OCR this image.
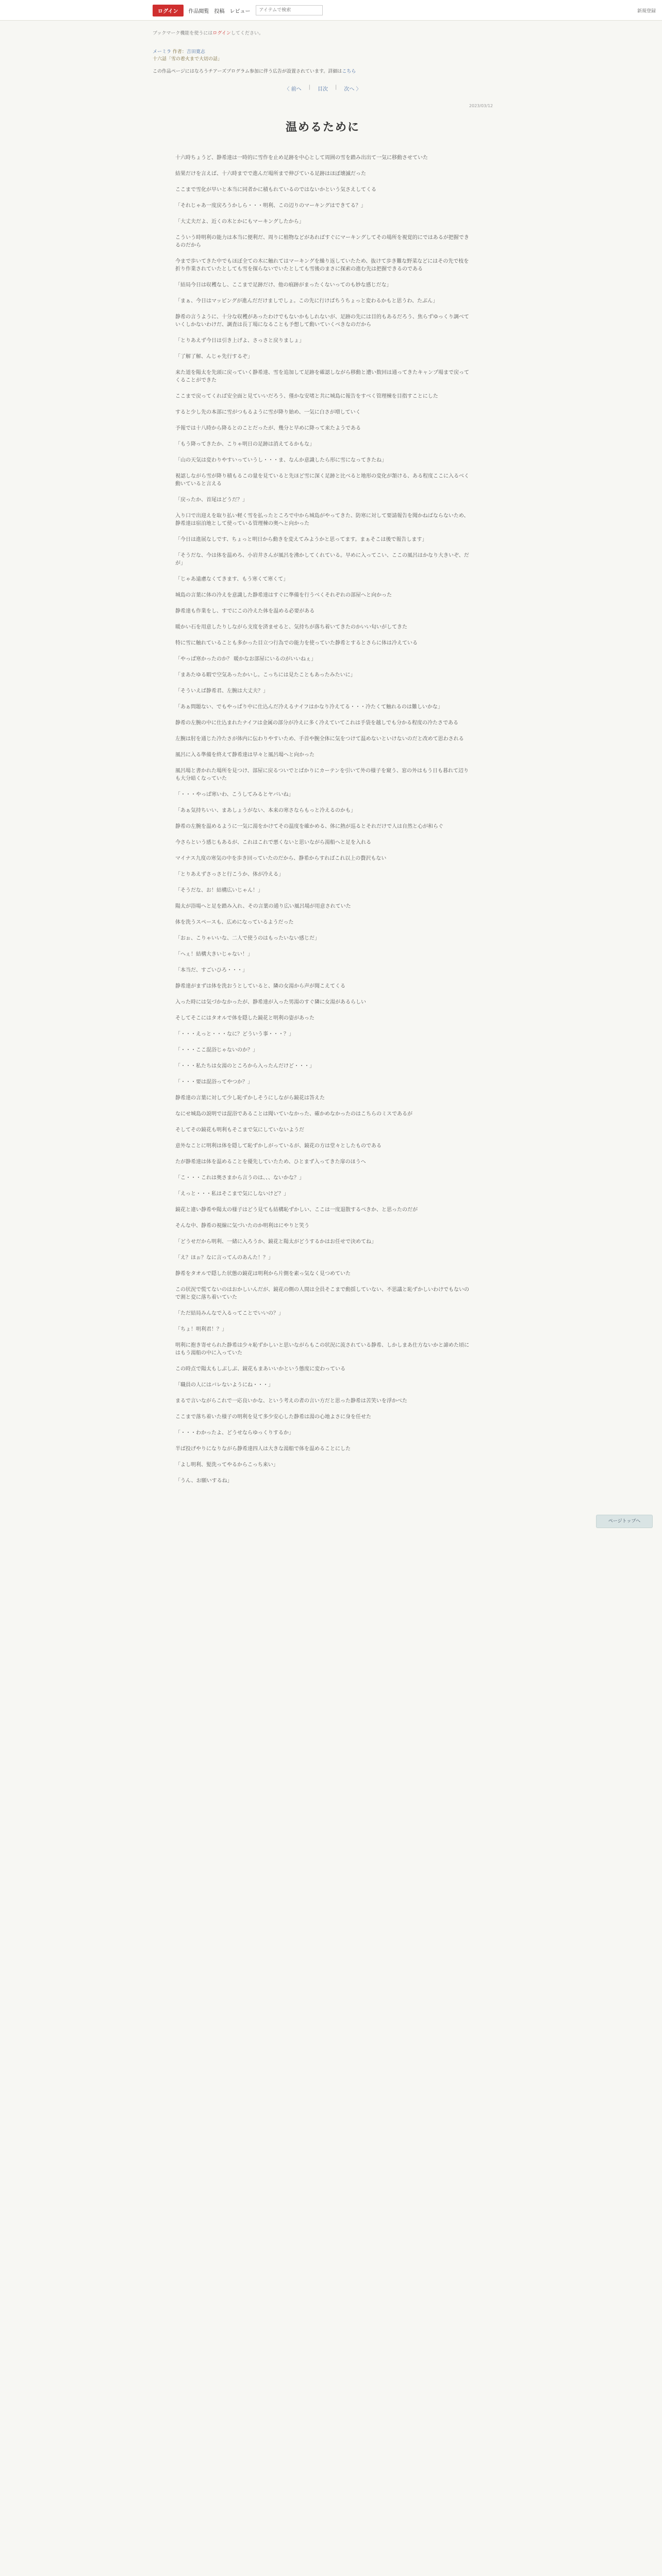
ログイン	作品閲覧 投稿 レビュー
アイテムで検索	新規登録
ブックマーク機能を使うにはログインしてください。
メーミラ 作者：吉田寛志
十六話「雪の着火まで大切の話」
この作品ページにはなろうチアーズプログラム参加に伴う広告が設置されています。詳細はこちら
〈 前へ | 目次 | 次へ 〉
2023/03/12
温めるために

十六時ちょうど、静希達は一時的に雪作を止め足跡を中心として周囲の雪を踏み出出て一気に移動させていた

結果だけを言えば、十六時までで進んだ場所まで伸びている足跡はほぼ壊滅だった

ここまで雪化が早いと本当に同者かに積もれているのではないかという気さえしてくる

「それじゃあ一度戻ろうかしら・・・明利、この辺りのマーキングはできてる？」

「大丈夫だよ、近くの木とかにもマーキングしたから」

こういう時明利の能力は本当に便利だ、周りに植物などがあればすぐにマーキングしてその場所を視覚的にではあるが把握できるのだから

今まで歩いてきた中でもほぼ全ての木に触れてはマーキングを繰り返していたため、抜けて歩き難な野菜などにはその先で枝を折り作業されていたとしても雪を探らないでいたとしても雪後のまさに探索の進む先は把握できるのである

「結局今日は収穫なし、ここまで足跡だけ、他の痕跡がまったくないってのも妙な感じだな」

「まぁ、今日はマッピングが進んだだけましでしょ。この先に行けばちうちょっと変わるかもと思うわ、たぶん」

静希の言うように、十分な収穫があったわけでもないかもしれないが、足跡の先には目的もあるだろう、焦らずゆっくり調べていくしかないわけだ、調査は長丁場になることも予想して動いていくべきなのだから

「とりあえず今日は引き上げよ、さっさと戻りましょ」

「了解了解、んじゃ先行するぞ」

来た道を陽太を先頭に戻っていく静希達、雪を追加して足跡を確認しながら移動と遭い数回は通ってきたキャンプ場まで戻ってくることができた

ここまで戻ってくれば安全面と見ていいだろう、僅かな安堵と共に城島に報告をすべく管理棟を目指すことにした

すると少し先の本部に雪がつもるように雪が降り始め、一気に白さが増していく

予報では十八時から降るとのことだったが、幾分と早めに降って来たようである

「もう降ってきたか、こりゃ明日の足跡は消えてるかもな」

「山の天気は変わりやすいっていうし・・・ま、なんか意識したら形に雪になってきたね」

視認しながら雪が降り積もるこの量を見ていると先ほど雪に深く足跡と比べると地形の変化が頷ける、ある程度ここに入るべく動いていると言える

「戻ったか、首尾はどうだ？」

入り口で出迎えを取り払い軽く雪を払ったところで中から城島がやってきた、防寒に対して要請報告を聞かねばならないため、静希達は宿泊地として使っている管理棟の奥へと向かった

「今日は進展なしです、ちょっと明日から動きを変えてみようかと思ってます。まぁそこは後で報告します」

「そうだな、今は体を温めろ、小岩井さんが風呂を沸かしてくれている。早めに入ってこい、ここの風呂はかなり大きいぞ、だが」

「じゃあ遠慮なくてきます、もう寒くて寒くて」

城島の言葉に体の冷えを意識した静希達はすぐに準備を行うべくそれぞれの部屋へと向かった

静希達も作業をし、すでにこの冷えた体を温める必要がある

暖かい石を用意したりしながら支度を済ませると、気持ちが落ち着いてきたのかいい匂いがしてきた

特に雪に触れていることも多かった目立つ行為での能力を使っていた静希とするとさらに体は冷えている

「やっぱ寒かったのか？ 暖かなお部屋にいるのがいいねぇ」

「まあたゆる暇で空気あったかいし。こっちには見たこともあったみたいに」

「そういえば静希君、左腕は大丈夫？」

「あぁ問題ない、でもやっぱり中に仕込んだ冷えるナイフはかなり冷えてる・・・冷たくて触れるのは難しいかな」

静希の左腕の中に仕込まれたナイフは金属の部分が冷えに多く冷えていてこれは手袋を越しでも分かる程度の冷たさである

左腕は肘を通じた冷たさが体内に伝わりやすいため、手首や腕全体に気をつけて温めないといけないのだと改めて思わされる

風呂に入る準備を終えて静希達は早々と風呂場へと向かった

風呂場と書かれた場所を見つけ、部屋に戻るついでとばかりにカーテンを引いて外の様子を窺う、窓の外はもう日も暮れて辺りも大分暗くなっていた

「・・・やっぱ寒いわ、こうしてみるとヤバいね」

「あぁ気持ちいい、まあしょうがない、本来の寒さならもっと冷えるのかも」

静希の左腕を温めるように一気に湯をかけてその温度を確かめる、体に熱が巡るとそれだけで人は自然と心が和らぐ

今さらという感じもあるが、これはこれで悪くないと思いながら湯船へと足を入れる

マイナス九度の寒気の中を歩き回っていたのだから、静希からすればこれ以上の贅沢もない

「とりあえずさっさと行こうか、体が冷える」

「そうだな、お！結構広いじゃん！」

陽太が浴場へと足を踏み入れ、その言葉の通り広い風呂場が用意されていた

体を洗うスペースも、広めになっているようだった

「おぉ、こりゃいいな、二人で使うのはもったいない感じだ」

「へぇ！結構大きいじゃない！」

「本当だ、すごいひろ・・・」

静希達がまずは体を洗おうとしていると、隣の女湯から声が聞こえてくる

入った時には気づかなかったが、静希達が入った男湯のすぐ隣に女湯があるらしい

そしてそこにはタオルで体を隠した鏡花と明利の姿があった

「・・・えっと・・・なに？どういう事・・・？」

「・・・ここ混浴じゃないのか？」

「・・・私たちは女湯のところから入ったんだけど・・・」

「・・・要は混浴ってやつか？」

静希達の言葉に対して少し恥ずかしそうにしながら鏡花は答えた

なにせ城島の説明では混浴であることは聞いていなかった、確かめなかったのはこちらのミスであるが

そしてその鏡花も明利もそこまで気にしていないようだ

意外なことに明利は体を隠して恥ずかしがっているが、鏡花の方は堂々としたものである

たが静希達は体を温めることを優先していたため、ひとまず入ってきた扉のほうへ

「こ・・・これは奥さまから言うのは、、、ないかな？」

「えっと・・・私はそこまで気にしないけど？」

鏡花と違い静希や陽太の様子はどう見ても結構恥ずかしい、ここは一度退散するべきか、と思ったのだが

そんな中、静希の視線に気づいたのか明利はにやりと笑う

「どうせだから明利、一緒に入ろうか、鏡花と陽太がどうするかはお任せで決めてね」

「え？ほぉ？なに言ってんのあんた！？」

静希をタオルで隠した状態の鏡花は明利から片側を素っ気なく見つめていた

この状況で慌てないのはおかしいんだが、鏡花の側の人間は全員そこまで動揺していない、不思議と恥ずかしいわけでもないので割と変に落ち着いていた

「ただ結局みんなで入るってことでいいの？」

「ちょ！明利君！？」

明利に抱き寄せられた静希は少々恥ずかしいと思いながらもこの状況に流されている静希、しかしまあ仕方ないかと諦めた頃にはもう湯船の中に入っていた

この時点で陽太もしぶしぶ、鏡花もまあいいかという態度に変わっている

「職員の人にはバレないようにね・・・」

まるで言いながらこれで一応良いかな、という考えの者の言い方だと思った静希は苦笑いを浮かべた

ここまで落ち着いた様子の明利を見て多少安心した静希は湯の心地よさに身を任せた

「・・・わかったよ、どうせならゆっくりするか」

半ば投げやりになりながら静希達四人は大きな湯船で体を温めることにした

「よし明利、髪洗ってやるからこっち来い」

「うん、お願いするね」

ページトップへ
